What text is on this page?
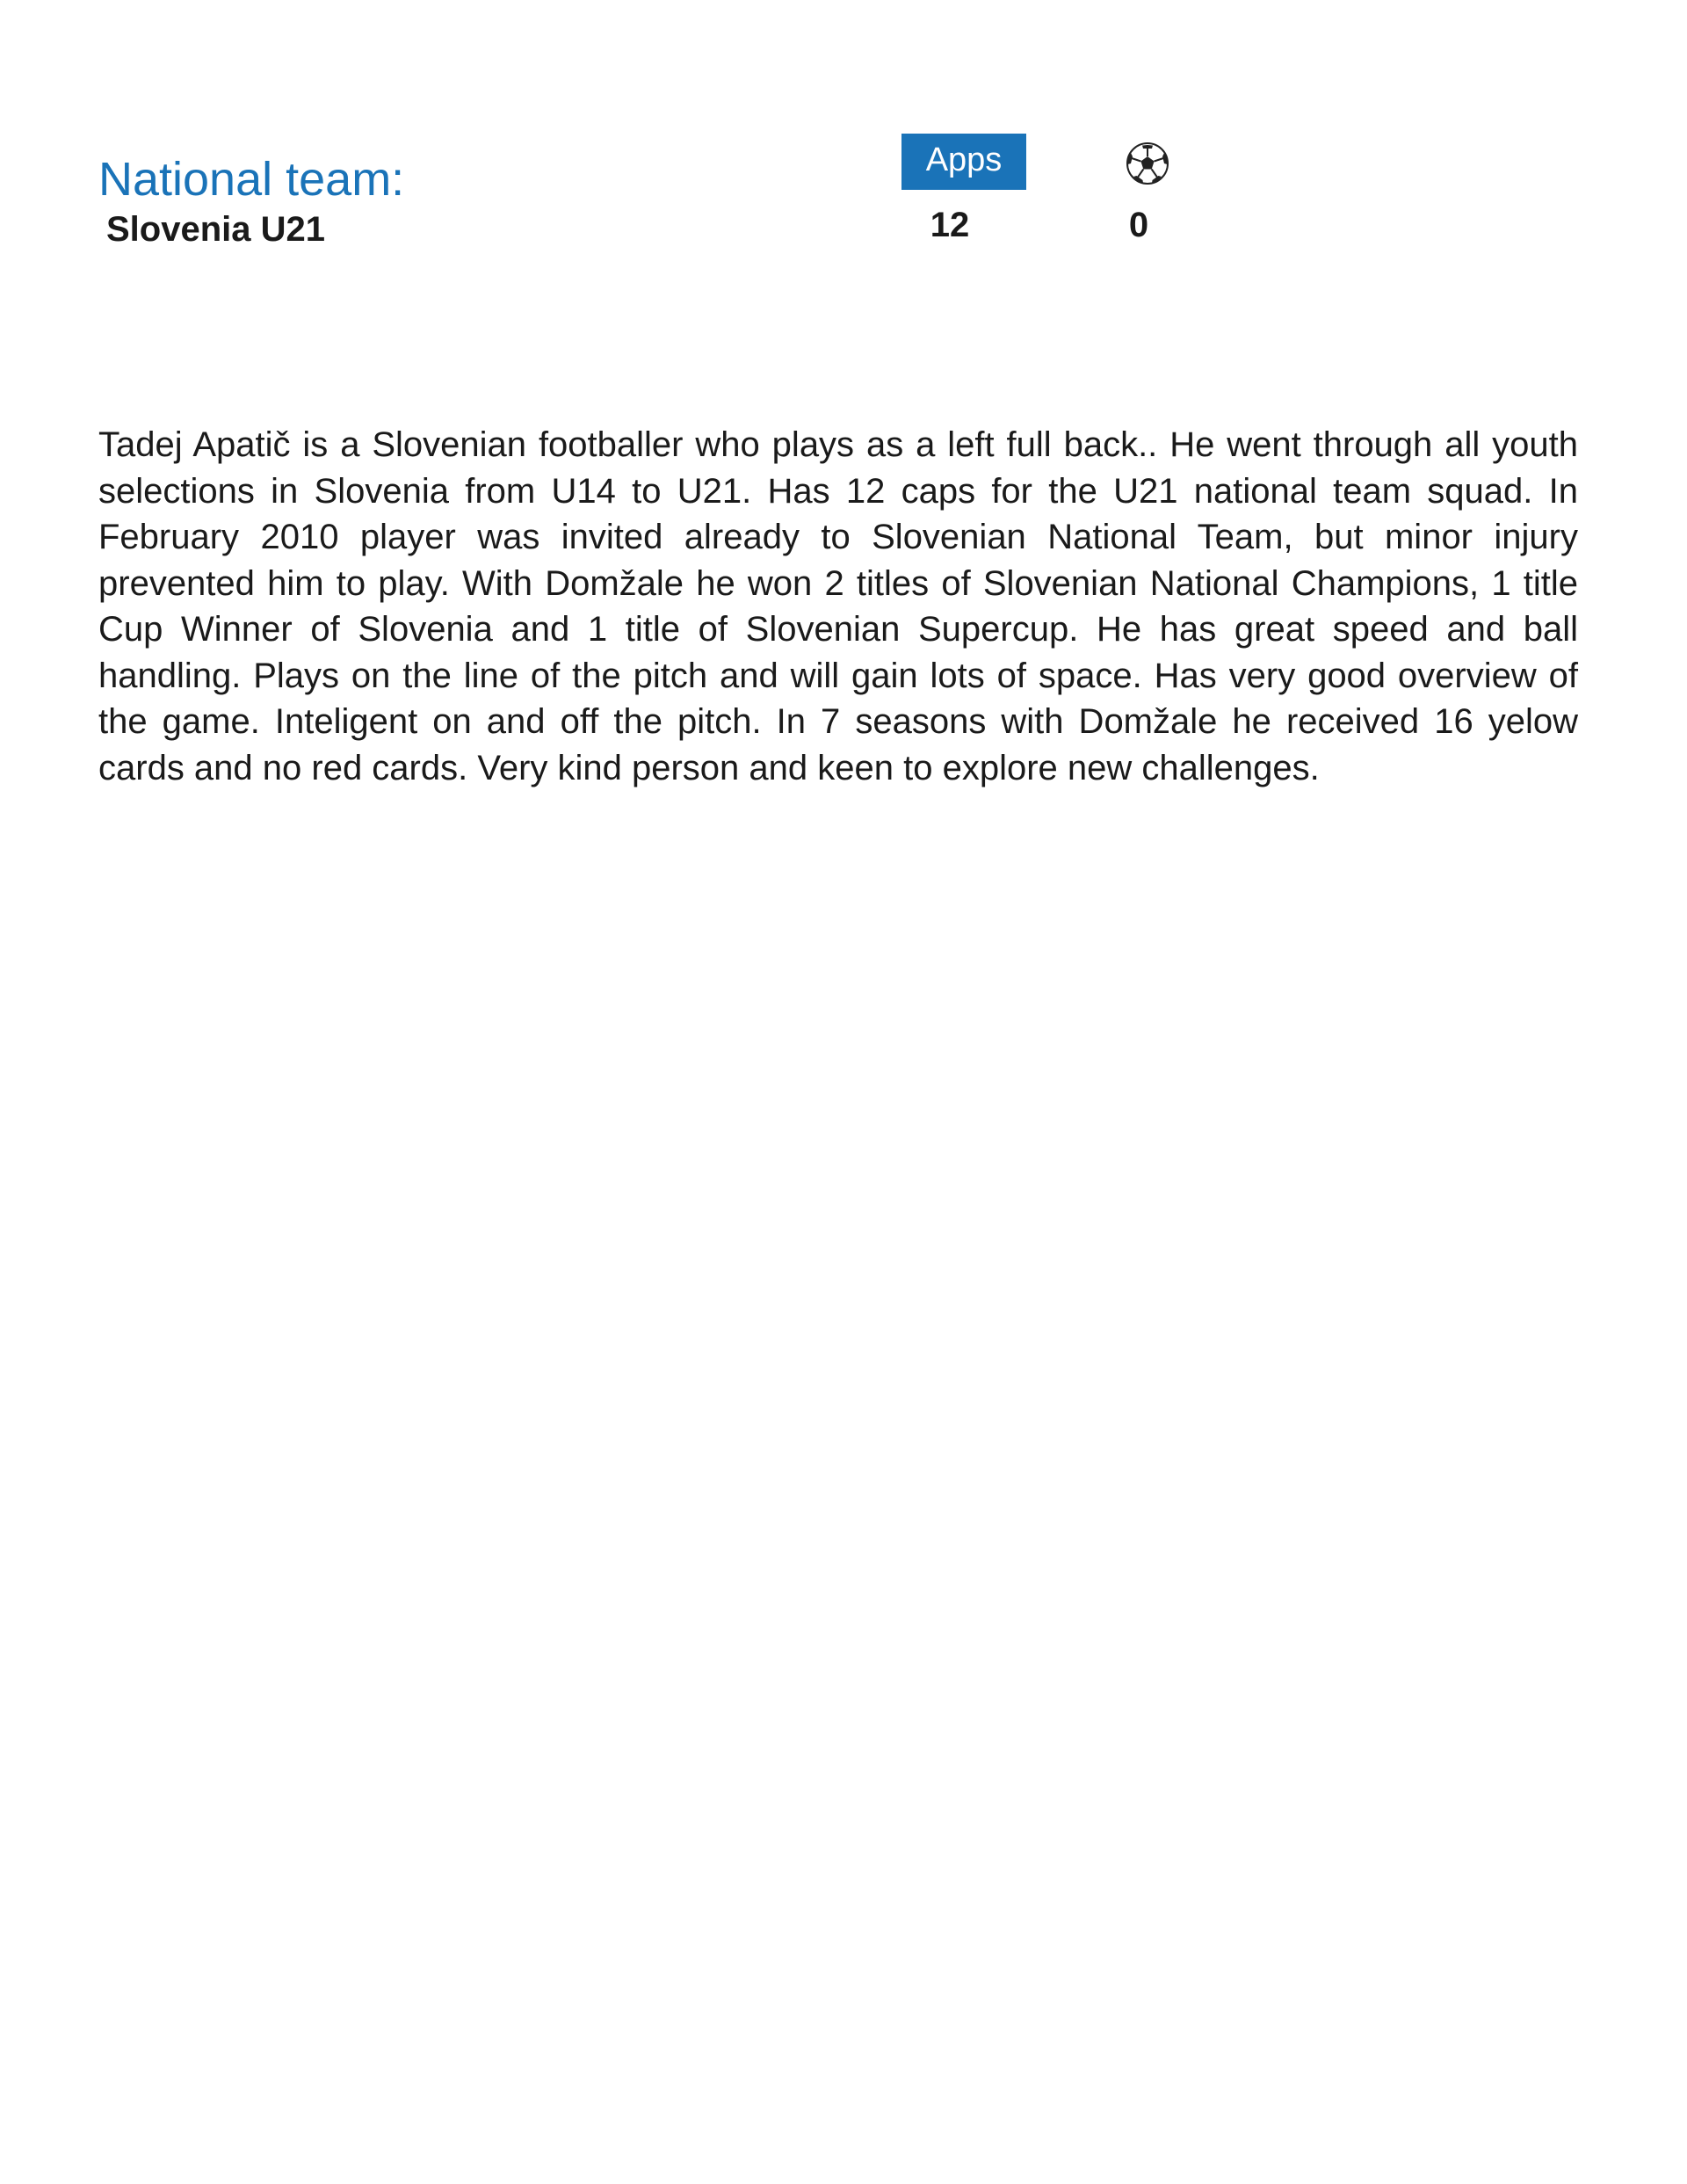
National team:
Slovenia U21
Apps
12	0

Tadej Apatič is a Slovenian footballer who plays as a left full back.. He went through all youth selections in Slovenia from U14 to U21. Has 12 caps for the U21 national team squad. In February 2010 player was invited already to Slovenian National Team, but minor injury prevented him to play. With Domžale he won 2 titles of Slovenian National Champions, 1 title Cup Winner of Slovenia and 1 title of Slovenian Supercup. He has great speed and ball handling. Plays on the line of the pitch and will gain lots of space. Has very good overview of the game. Inteligent on and off the pitch. In 7 seasons with Domžale he received 16 yelow cards and no red cards. Very kind person and keen to explore new challenges.
